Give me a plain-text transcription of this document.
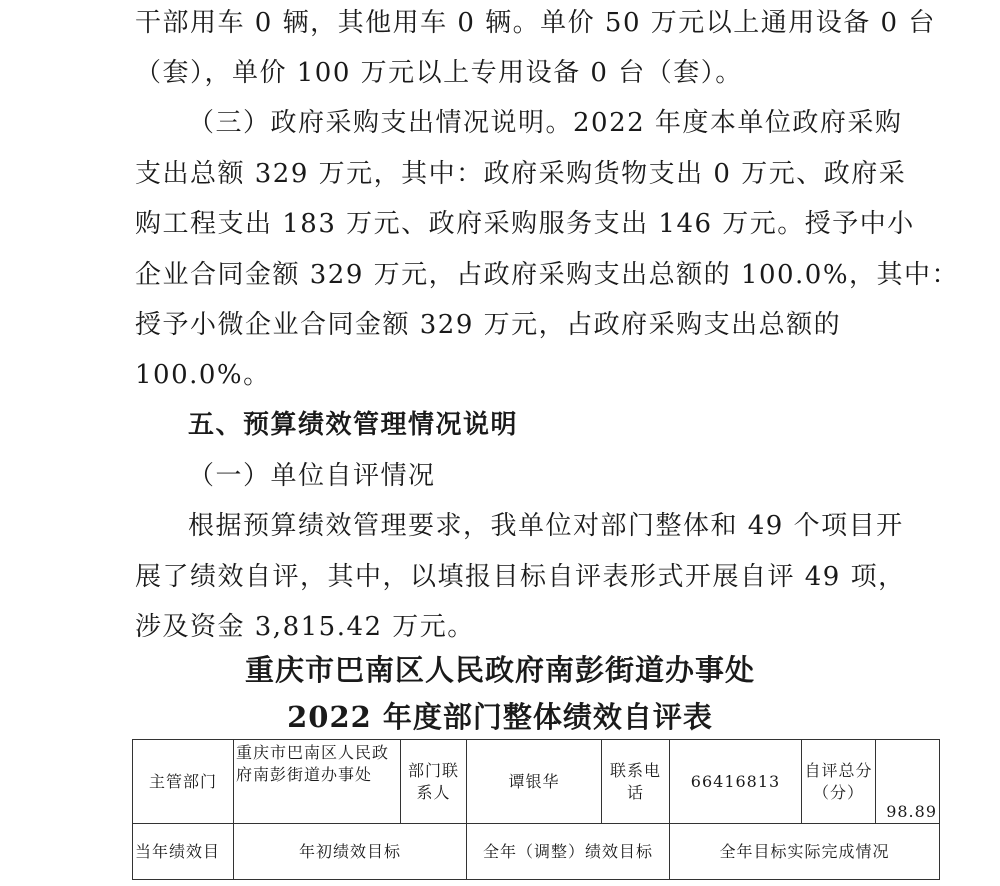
干部用车 0 辆，其他用车 0 辆。单价 50 万元以上通用设备 0 台
（套），单价 100 万元以上专用设备 0 台（套）。
（三）政府采购支出情况说明。2022 年度本单位政府采购
支出总额 329 万元，其中：政府采购货物支出 0 万元、政府采
购工程支出 183 万元、政府采购服务支出 146 万元。授予中小
企业合同金额 329 万元，占政府采购支出总额的 100.0%，其中：
授予小微企业合同金额 329 万元，占政府采购支出总额的
100.0%。
五、预算绩效管理情况说明
（一）单位自评情况
根据预算绩效管理要求，我单位对部门整体和 49 个项目开
展了绩效自评，其中，以填报目标自评表形式开展自评 49 项，
涉及资金 3,815.42 万元。
重庆市巴南区人民政府南彭街道办事处
2022 年度部门整体绩效自评表
主管部门	重庆市巴南区人民政府南彭街道办事处	部门联系人	谭银华	联系电话	66416813	自评总分（分）	98.89
当年绩效目	年初绩效目标		全年（调整）绩效目标		全年目标实际完成情况		
